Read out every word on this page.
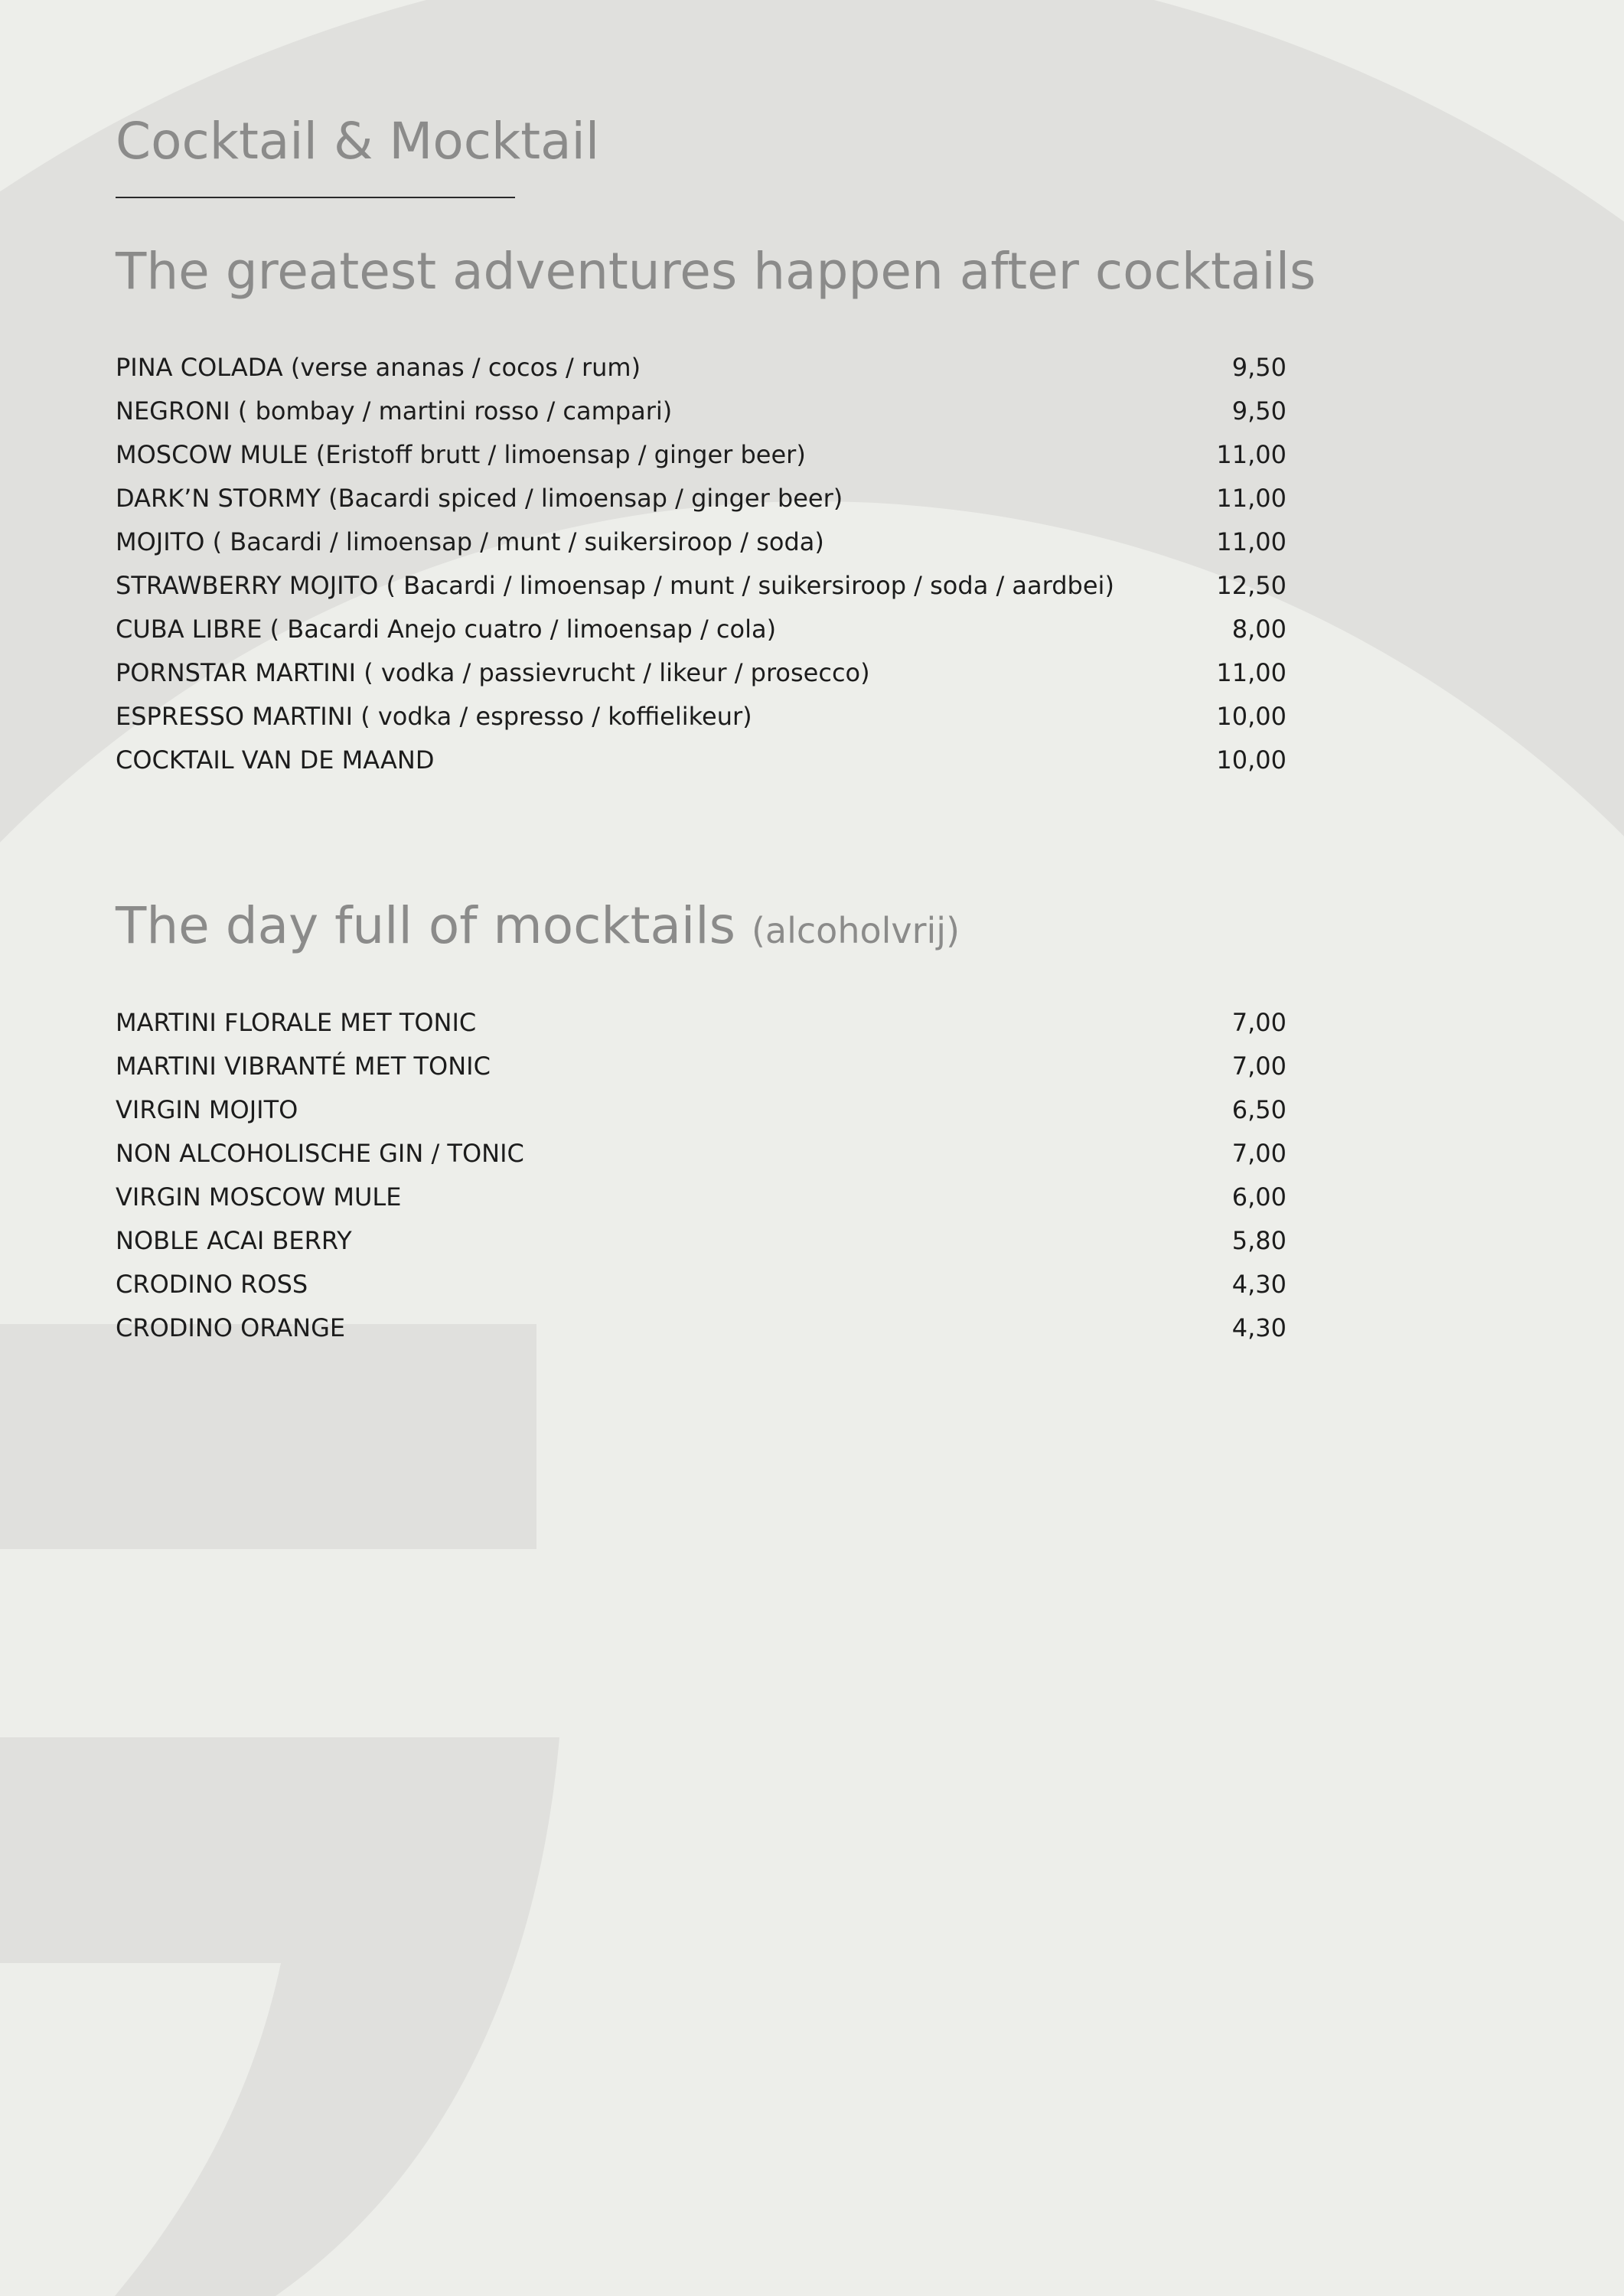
Cocktail & Mocktail
The greatest adventures happen after cocktails
PINA COLADA (verse ananas / cocos / rum)	9,50
NEGRONI ( bombay / martini rosso / campari)	9,50
MOSCOW MULE (Eristoff brutt / limoensap / ginger beer)	11,00
DARK’N STORMY (Bacardi spiced / limoensap / ginger beer)	11,00
MOJITO ( Bacardi / limoensap / munt / suikersiroop / soda)	11,00
STRAWBERRY MOJITO ( Bacardi / limoensap / munt / suikersiroop / soda / aardbei)	12,50
CUBA LIBRE ( Bacardi Anejo cuatro / limoensap / cola)	8,00
PORNSTAR MARTINI ( vodka / passievrucht / likeur / prosecco)	11,00
ESPRESSO MARTINI ( vodka / espresso / koffielikeur)	10,00
COCKTAIL VAN DE MAAND	10,00
The day full of mocktails (alcoholvrij)
MARTINI FLORALE MET TONIC	7,00
MARTINI VIBRANTÉ MET TONIC	7,00
VIRGIN MOJITO	6,50
NON ALCOHOLISCHE GIN / TONIC	7,00
VIRGIN MOSCOW MULE	6,00
NOBLE ACAI BERRY	5,80
CRODINO ROSS	4,30
CRODINO ORANGE	4,30
